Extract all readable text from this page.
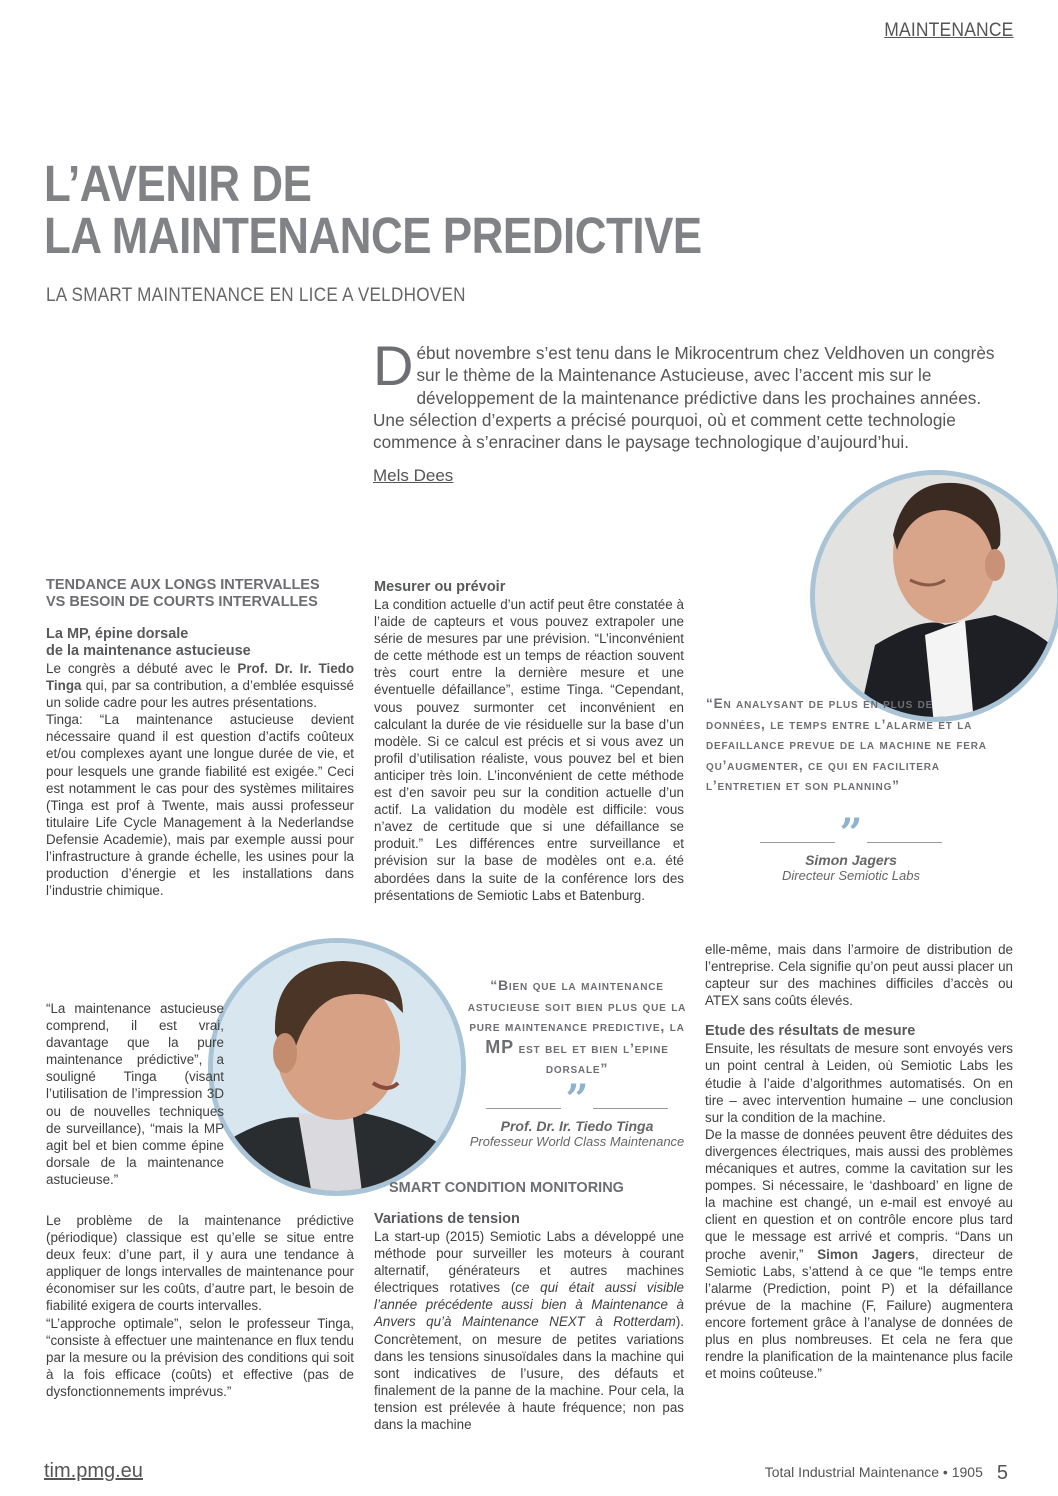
MAINTENANCE
L’AVENIR DE
LA MAINTENANCE PREDICTIVE
LA SMART MAINTENANCE EN LICE A VELDHOVEN
Début novembre s’est tenu dans le Mikrocentrum chez Veldhoven un congrès sur le thème de la Maintenance Astucieuse, avec l’accent mis sur le développement de la maintenance prédictive dans les prochaines années. Une sélection d’experts a précisé pourquoi, où et comment cette technologie commence à s’enraciner dans le paysage technologique d’aujourd’hui.
Mels Dees
TENDANCE AUX LONGS INTERVALLES
VS BESOIN DE COURTS INTERVALLES
La MP, épine dorsale
de la maintenance astucieuse

Le congrès a débuté avec le Prof. Dr. Ir. Tiedo Tinga qui, par sa contribution, a d’emblée esquissé un solide cadre pour les autres présentations.

Tinga: “La maintenance astucieuse devient nécessaire quand il est question d’actifs coûteux et/ou complexes ayant une longue durée de vie, et pour lesquels une grande fiabilité est exigée.” Ceci est notamment le cas pour des systèmes militaires (Tinga est prof à Twente, mais aussi professeur titulaire Life Cycle Management à la Nederlandse Defensie Academie), mais par exemple aussi pour l’infrastructure à grande échelle, les usines pour la production d’énergie et les installations dans l’industrie chimique.

“La maintenance astucieuse comprend, il est vrai, davantage que la pure maintenance prédictive”, a souligné Tinga (visant l’utilisation de l’impression 3D ou de nouvelles techniques de surveillance), “mais la MP agit bel et bien comme épine dorsale de la maintenance astucieuse.”

Le problème de la maintenance prédictive (périodique) classique est qu’elle se situe entre deux feux: d’une part, il y aura une tendance à appliquer de longs intervalles de maintenance pour économiser sur les coûts, d’autre part, le besoin de fiabilité exigera de courts intervalles.

“L’approche optimale”, selon le professeur Tinga, “consiste à effectuer une maintenance en flux tendu par la mesure ou la prévision des conditions qui soit à la fois efficace (coûts) et effective (pas de dysfonctionnements imprévus.”

Mesurer ou prévoir

La condition actuelle d’un actif peut être constatée à l’aide de capteurs et vous pouvez extrapoler une série de mesures par une prévision. “L’inconvénient de cette méthode est un temps de réaction souvent très court entre la dernière mesure et une éventuelle défaillance”, estime Tinga. “Cependant, vous pouvez surmonter cet inconvénient en calculant la durée de vie résiduelle sur la base d’un modèle. Si ce calcul est précis et si vous avez un profil d’utilisation réaliste, vous pouvez bel et bien anticiper très loin. L’inconvénient de cette méthode est d’en savoir peu sur la condition actuelle d’un actif. La validation du modèle est difficile: vous n’avez de certitude que si une défaillance se produit.” Les différences entre surveillance et prévision sur la base de modèles ont e.a. été abordées dans la suite de la conférence lors des présentations de Semiotic Labs et Batenburg.

“Bien que la maintenance astucieuse soit bien plus que la pure maintenance predictive, la MP est bel et bien l’epine dorsale”
”
Prof. Dr. Ir. Tiedo Tinga
Professeur World Class Maintenance
SMART CONDITION MONITORING
Variations de tension

La start-up (2015) Semiotic Labs a développé une méthode pour surveiller les moteurs à courant alternatif, générateurs et autres machines électriques rotatives (ce qui était aussi visible l’année précédente aussi bien à Maintenance à Anvers qu’à Maintenance NEXT à Rotterdam). Concrètement, on mesure de petites variations dans les tensions sinusoïdales dans la machine qui sont indicatives de l’usure, des défauts et finalement de la panne de la machine. Pour cela, la tension est prélevée à haute fréquence; non pas dans la machine

“En analysant de plus en plus de données, le temps entre l’alarme et la defaillance prevue de la machine ne fera qu’augmenter, ce qui en facilitera l’entretien et son planning”
”
Simon Jagers
Directeur Semiotic Labs

elle-même, mais dans l’armoire de distribution de l’entreprise. Cela signifie qu’on peut aussi placer un capteur sur des machines difficiles d’accès ou ATEX sans coûts élevés.

Etude des résultats de mesure

Ensuite, les résultats de mesure sont envoyés vers un point central à Leiden, où Semiotic Labs les étudie à l’aide d’algorithmes automatisés. On en tire – avec intervention humaine – une conclusion sur la condition de la machine.

De la masse de données peuvent être déduites des divergences électriques, mais aussi des problèmes mécaniques et autres, comme la cavitation sur les pompes. Si nécessaire, le ‘dashboard’ en ligne de la machine est changé, un e-mail est envoyé au client en question et on contrôle encore plus tard que le message est arrivé et compris. “Dans un proche avenir,” Simon Jagers, directeur de Semiotic Labs, s’attend à ce que “le temps entre l’alarme (Prediction, point P) et la défaillance prévue de la machine (F, Failure) augmentera encore fortement grâce à l’analyse de données de plus en plus nombreuses. Et cela ne fera que rendre la planification de la maintenance plus facile et moins coûteuse.”

tim.pmg.eu	Total Industrial Maintenance • 1905 5
